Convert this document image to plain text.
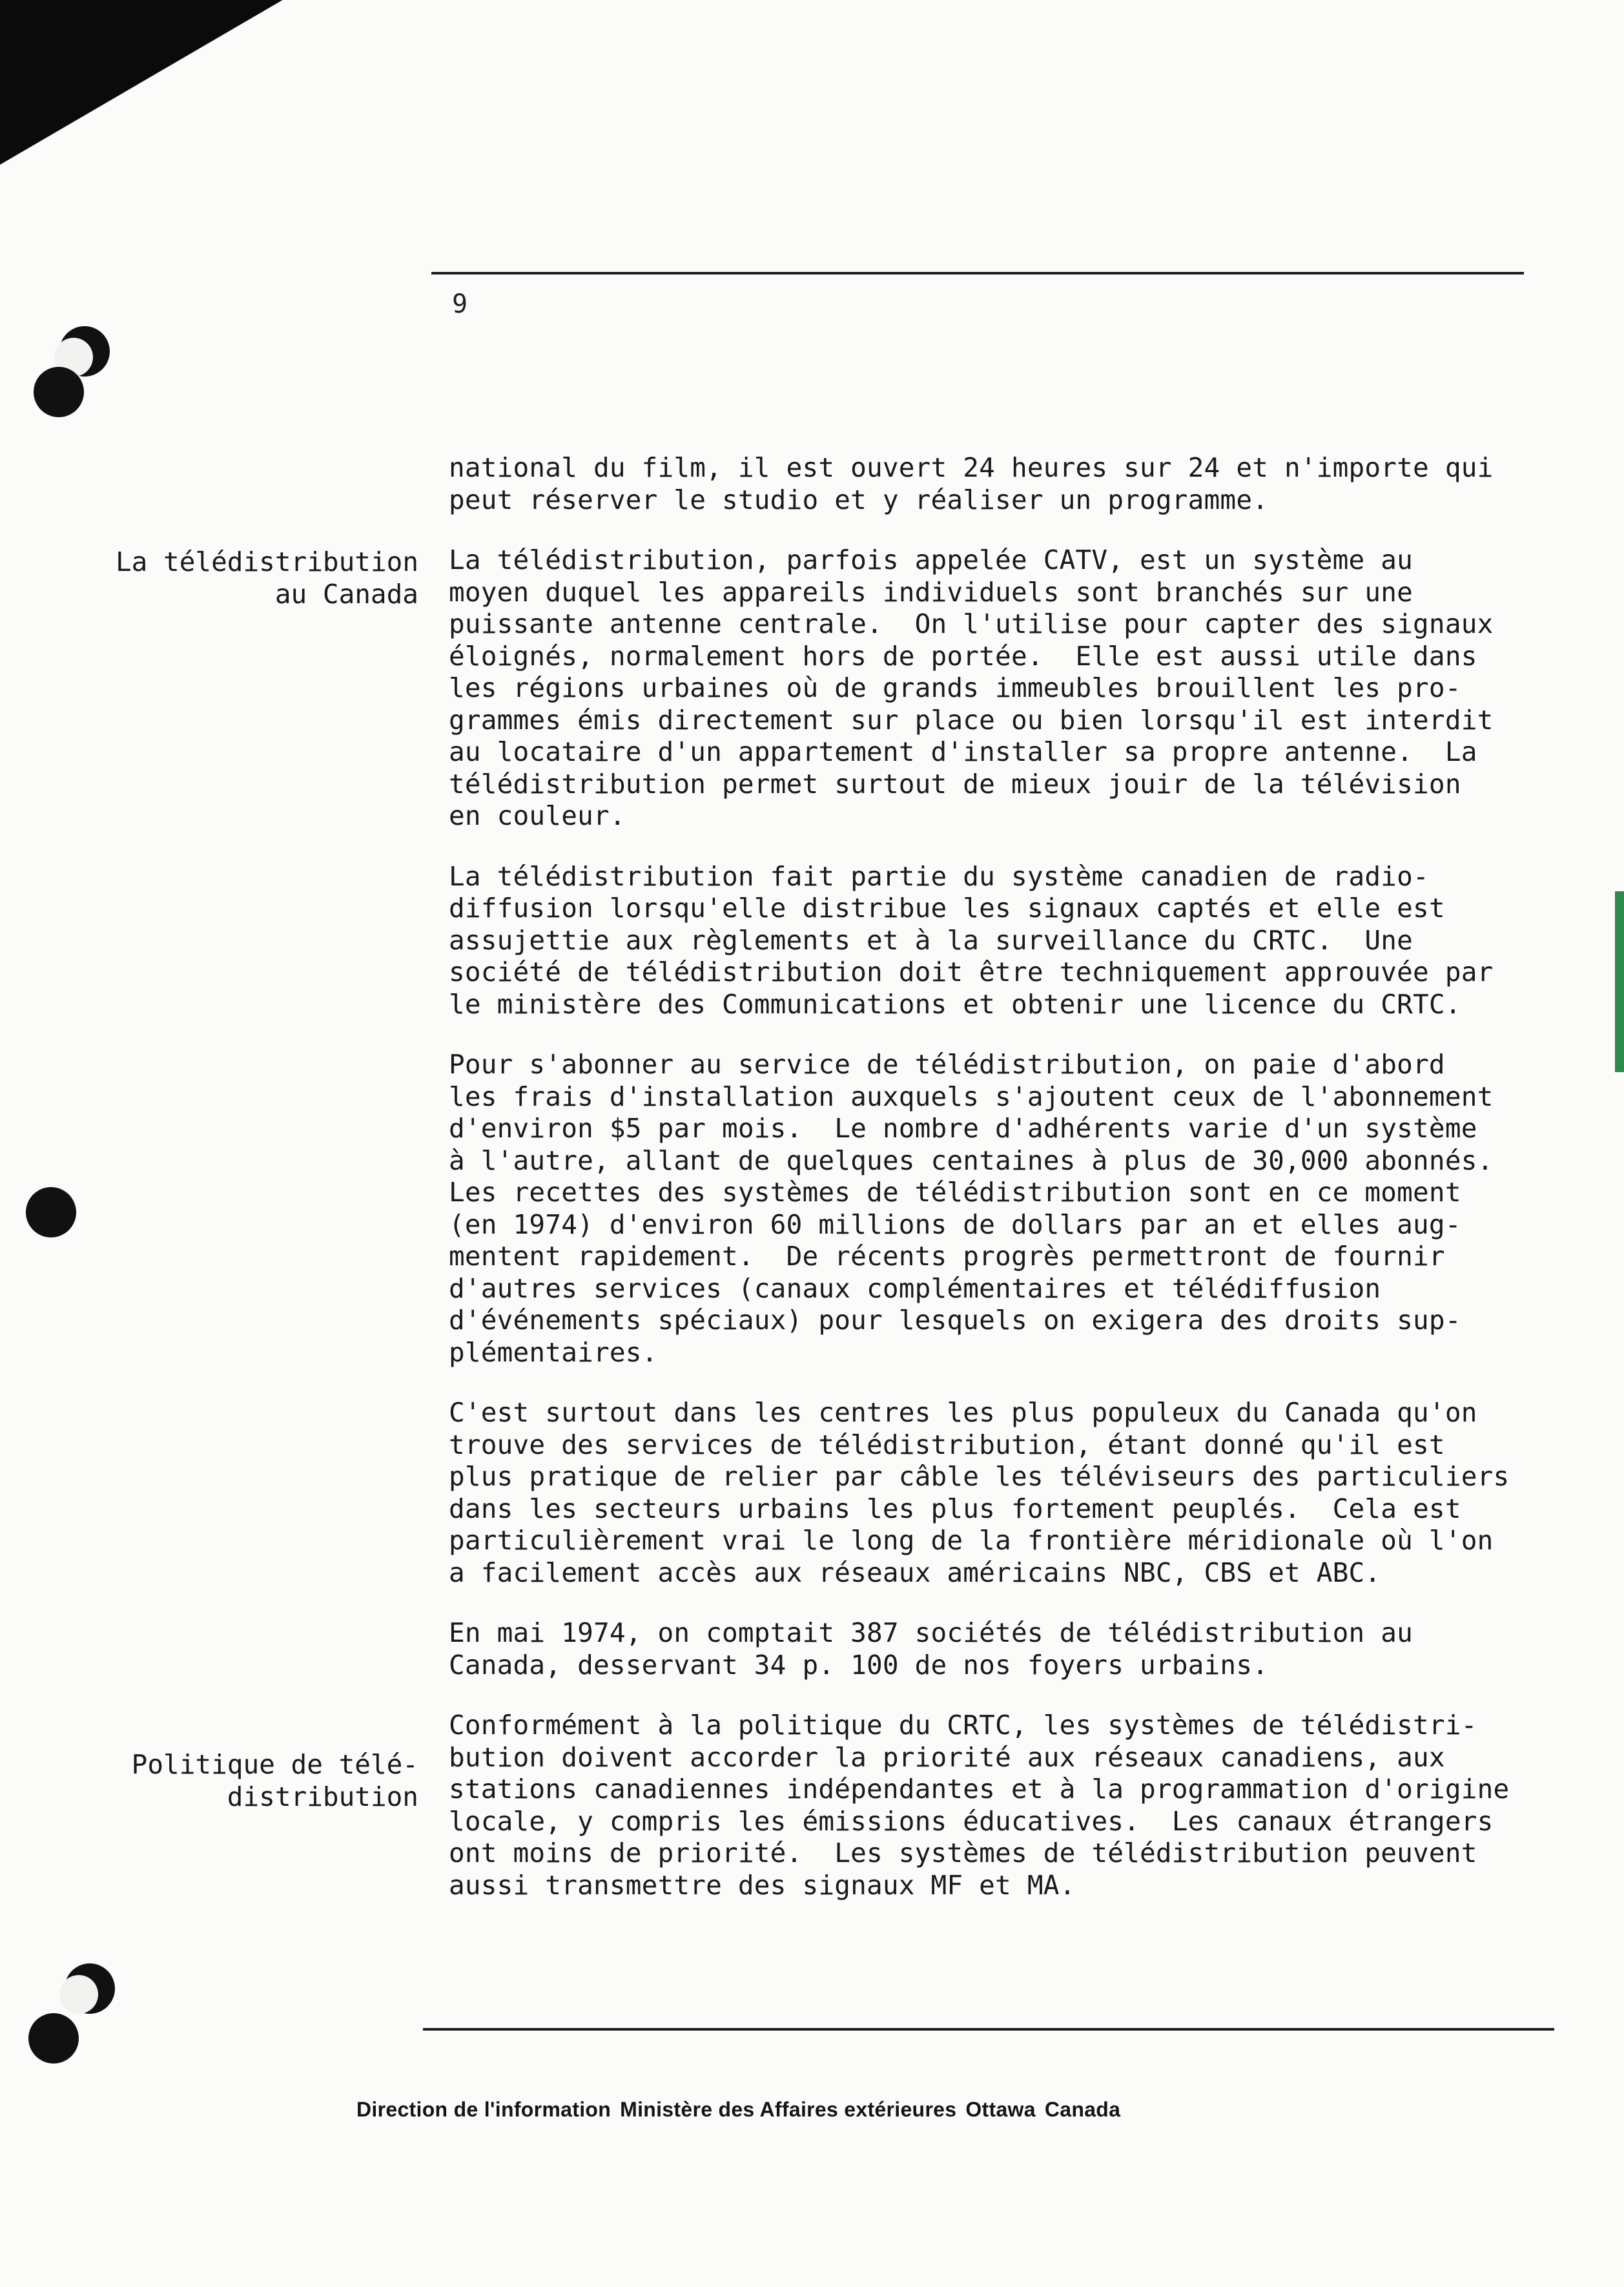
9
La télédistribution
au Canada
Politique de télé-
distribution

national du film, il est ouvert 24 heures sur 24 et n'importe qui
peut réserver le studio et y réaliser un programme.

La télédistribution, parfois appelée CATV, est un système au
moyen duquel les appareils individuels sont branchés sur une
puissante antenne centrale.  On l'utilise pour capter des signaux
éloignés, normalement hors de portée.  Elle est aussi utile dans
les régions urbaines où de grands immeubles brouillent les pro-
grammes émis directement sur place ou bien lorsqu'il est interdit
au locataire d'un appartement d'installer sa propre antenne.  La
télédistribution permet surtout de mieux jouir de la télévision
en couleur.

La télédistribution fait partie du système canadien de radio-
diffusion lorsqu'elle distribue les signaux captés et elle est
assujettie aux règlements et à la surveillance du CRTC.  Une
société de télédistribution doit être techniquement approuvée par
le ministère des Communications et obtenir une licence du CRTC.

Pour s'abonner au service de télédistribution, on paie d'abord
les frais d'installation auxquels s'ajoutent ceux de l'abonnement
d'environ $5 par mois.  Le nombre d'adhérents varie d'un système
à l'autre, allant de quelques centaines à plus de 30,000 abonnés.
Les recettes des systèmes de télédistribution sont en ce moment
(en 1974) d'environ 60 millions de dollars par an et elles aug-
mentent rapidement.  De récents progrès permettront de fournir
d'autres services (canaux complémentaires et télédiffusion
d'événements spéciaux) pour lesquels on exigera des droits sup-
plémentaires.

C'est surtout dans les centres les plus populeux du Canada qu'on
trouve des services de télédistribution, étant donné qu'il est
plus pratique de relier par câble les téléviseurs des particuliers
dans les secteurs urbains les plus fortement peuplés.  Cela est
particulièrement vrai le long de la frontière méridionale où l'on
a facilement accès aux réseaux américains NBC, CBS et ABC.

En mai 1974, on comptait 387 sociétés de télédistribution au
Canada, desservant 34 p. 100 de nos foyers urbains.

Conformément à la politique du CRTC, les systèmes de télédistri-
bution doivent accorder la priorité aux réseaux canadiens, aux
stations canadiennes indépendantes et à la programmation d'origine
locale, y compris les émissions éducatives.  Les canaux étrangers
ont moins de priorité.  Les systèmes de télédistribution peuvent
aussi transmettre des signaux MF et MA.

Direction de l'information Ministère des Affaires extérieures Ottawa Canada
